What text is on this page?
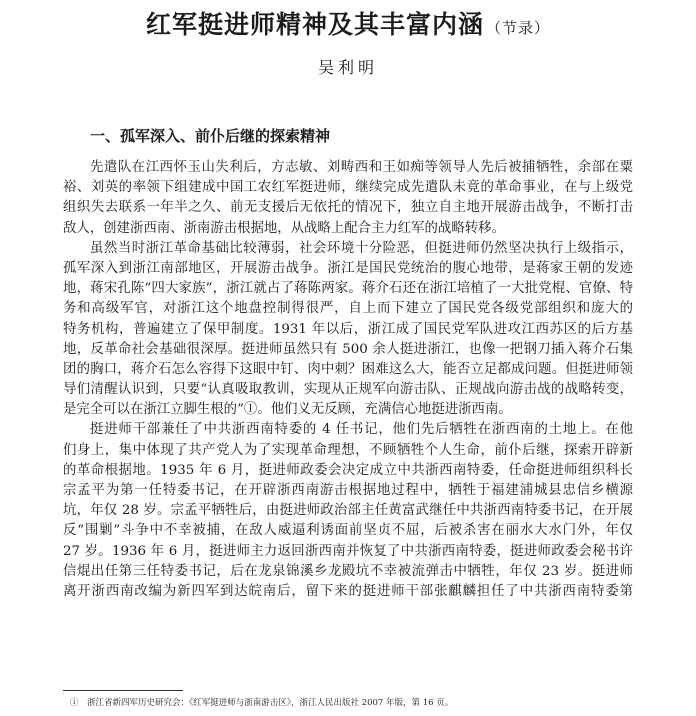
红军挺进师精神及其丰富内涵 （节录）
吴利明
一、孤军深入、前仆后继的探索精神
先遣队在江西怀玉山失利后，方志敏、刘畴西和王如痴等领导人先后被捕牺牲，余部在粟
裕、刘英的率领下组建成中国工农红军挺进师，继续完成先遣队未竟的革命事业，在与上级党
组织失去联系一年半之久、前无支援后无依托的情况下，独立自主地开展游击战争，不断打击
敌人，创建浙西南、浙南游击根据地，从战略上配合主力红军的战略转移。
虽然当时浙江革命基础比较薄弱，社会环境十分险恶，但挺进师仍然坚决执行上级指示，
孤军深入到浙江南部地区，开展游击战争。浙江是国民党统治的腹心地带，是蒋家王朝的发迹
地，蒋宋孔陈“四大家族”，浙江就占了蒋陈两家。蒋介石还在浙江培植了一大批党棍、官僚、特
务和高级军官，对浙江这个地盘控制得很严，自上而下建立了国民党各级党部组织和庞大的
特务机构，普遍建立了保甲制度。1931 年以后，浙江成了国民党军队进攻江西苏区的后方基
地，反革命社会基础很深厚。挺进师虽然只有 500 余人挺进浙江，也像一把钢刀插入蒋介石集
团的胸口，蒋介石怎么容得下这眼中钉、肉中刺？困难这么大，能否立足都成问题。但挺进师领
导们清醒认识到，只要“认真吸取教训，实现从正规军向游击队、正规战向游击战的战略转变，
是完全可以在浙江立脚生根的”①。他们义无反顾，充满信心地挺进浙西南。
挺进师干部兼任了中共浙西南特委的 4 任书记，他们先后牺牲在浙西南的土地上。在他
们身上，集中体现了共产党人为了实现革命理想，不顾牺牲个人生命，前仆后继，探索开辟新
的革命根据地。1935 年 6 月，挺进师政委会决定成立中共浙西南特委，任命挺进师组织科长
宗孟平为第一任特委书记，在开辟浙西南游击根据地过程中，牺牲于福建浦城县忠信乡横源
坑，年仅 28 岁。宗孟平牺牲后，由挺进师政治部主任黄富武继任中共浙西南特委书记，在开展
反“围剿”斗争中不幸被捕，在敌人威逼利诱面前坚贞不屈，后被杀害在丽水大水门外，年仅
27 岁。1936 年 6 月，挺进师主力返回浙西南并恢复了中共浙西南特委，挺进师政委会秘书许
信焜出任第三任特委书记，后在龙泉锦溪乡龙殿坑不幸被流弹击中牺牲，年仅 23 岁。挺进师
离开浙西南改编为新四军到达皖南后，留下来的挺进师干部张麒麟担任了中共浙西南特委第
①　浙江省新四军历史研究会：《红军挺进师与浙南游击区》，浙江人民出版社 2007 年版，第 16 页。
